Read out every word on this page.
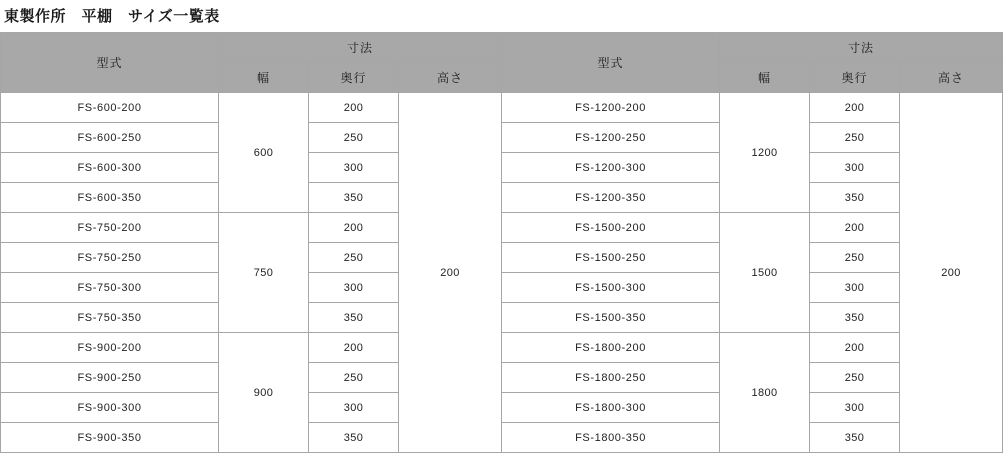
東製作所　平棚　サイズ一覧表
型式	寸法			型式	寸法		
	幅	奥行	高さ		幅	奥行	高さ
FS-600-200	600	200	200	FS-1200-200	1200	200	200
FS-600-250		250		FS-1200-250		250	
FS-600-300		300		FS-1200-300		300	
FS-600-350		350		FS-1200-350		350	
FS-750-200	750	200		FS-1500-200	1500	200	
FS-750-250		250		FS-1500-250		250	
FS-750-300		300		FS-1500-300		300	
FS-750-350		350		FS-1500-350		350	
FS-900-200	900	200		FS-1800-200	1800	200	
FS-900-250		250		FS-1800-250		250	
FS-900-300		300		FS-1800-300		300	
FS-900-350		350		FS-1800-350		350	
